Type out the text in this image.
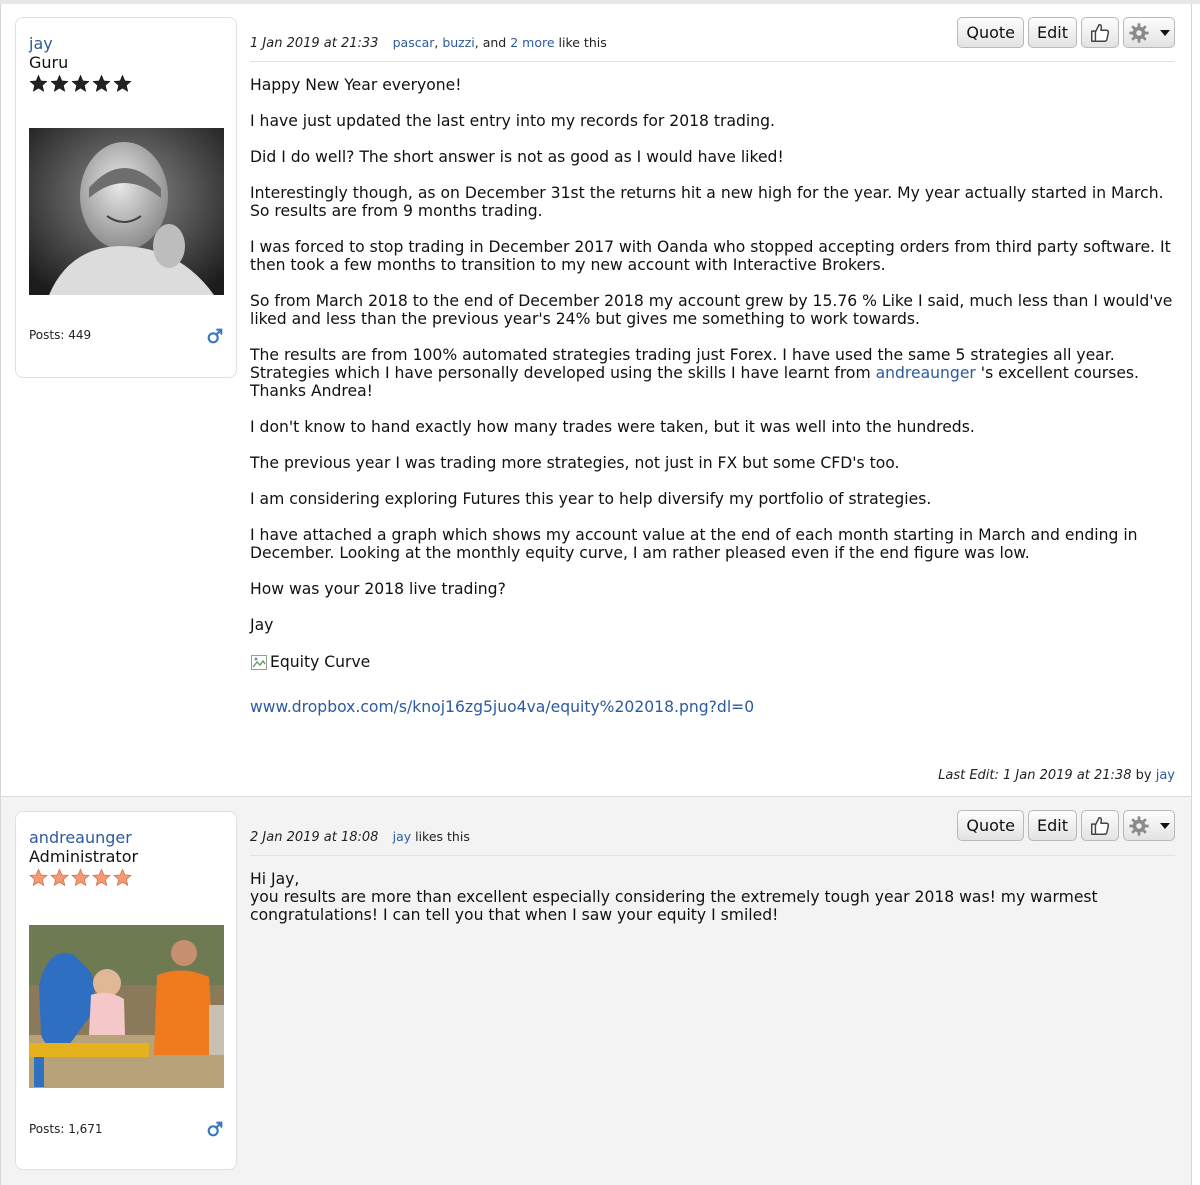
jay
Guru
Posts: 449
1 Jan 2019 at 21:33 pascar, buzzi, and 2 more like this
Quote	Edit

Happy New Year everyone!

I have just updated the last entry into my records for 2018 trading.

Did I do well? The short answer is not as good as I would have liked!

Interestingly though, as on December 31st the returns hit a new high for the year. My year actually started in March. So results are from 9 months trading.

I was forced to stop trading in December 2017 with Oanda who stopped accepting orders from third party software. It then took a few months to transition to my new account with Interactive Brokers.

So from March 2018 to the end of December 2018 my account grew by 15.76 % Like I said, much less than I would've liked and less than the previous year's 24% but gives me something to work towards.

The results are from 100% automated strategies trading just Forex. I have used the same 5 strategies all year. Strategies which I have personally developed using the skills I have learnt from andreaunger 's excellent courses. Thanks Andrea!

I don't know to hand exactly how many trades were taken, but it was well into the hundreds.

The previous year I was trading more strategies, not just in FX but some CFD's too.

I am considering exploring Futures this year to help diversify my portfolio of strategies.

I have attached a graph which shows my account value at the end of each month starting in March and ending in December. Looking at the monthly equity curve, I am rather pleased even if the end figure was low.

How was your 2018 live trading?

Jay

Equity Curve
www.dropbox.com/s/knoj16zg5juo4va/equity%202018.png?dl=0
Last Edit: 1 Jan 2019 at 21:38 by jay
andreaunger
Administrator
Posts: 1,671
2 Jan 2019 at 18:08 jay likes this
Quote	Edit
Hi Jay,
you results are more than excellent especially considering the extremely tough year 2018 was! my warmest congratulations! I can tell you that when I saw your equity I smiled!
